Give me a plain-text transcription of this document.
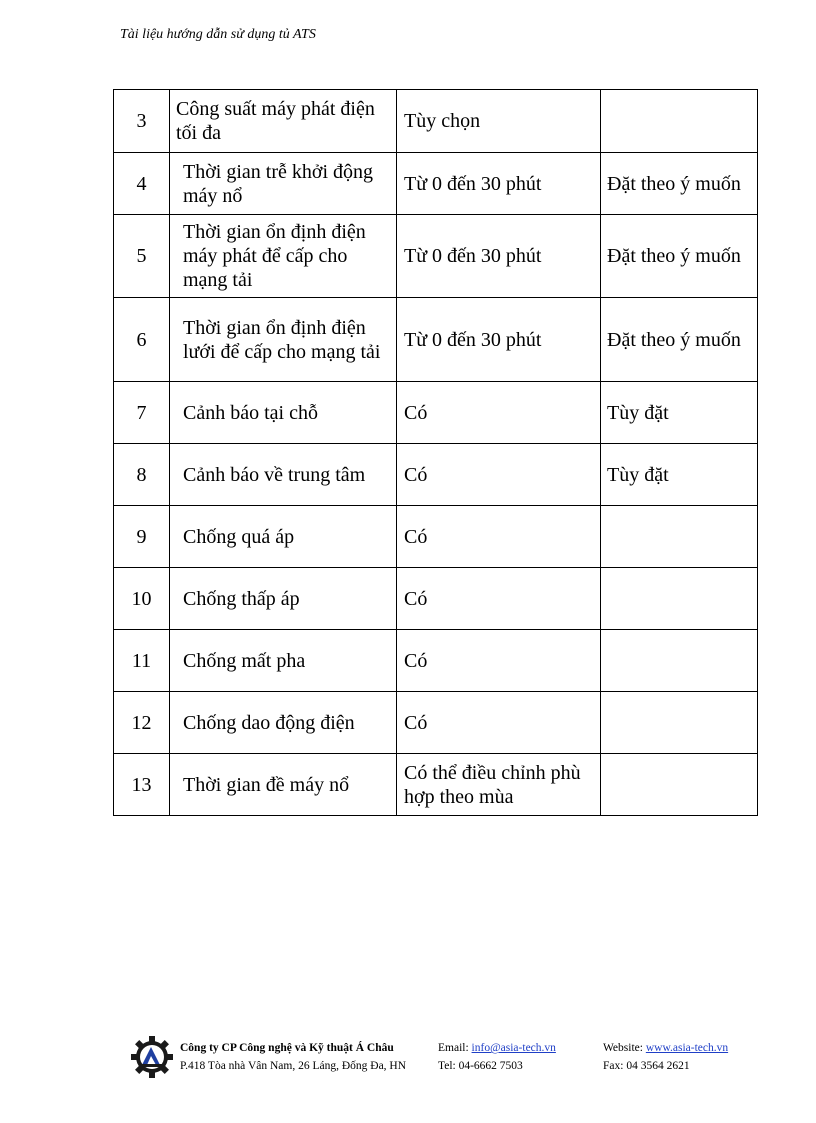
Tài liệu hướng dẫn sử dụng tủ ATS
3	Công suất máy phát điện tối đa	Tùy chọn	
4	Thời gian trễ khởi động máy nổ	Từ 0 đến 30 phút	Đặt theo ý muốn
5	Thời gian ổn định điện máy phát để cấp cho mạng tải	Từ 0 đến 30 phút	Đặt theo ý muốn
6	Thời gian ổn định điện lưới để cấp cho mạng tải	Từ 0 đến 30 phút	Đặt theo ý muốn
7	Cảnh báo tại chỗ	Có	Tùy đặt
8	Cảnh báo về trung tâm	Có	Tùy đặt
9	Chống quá áp	Có	
10	Chống thấp áp	Có	
11	Chống mất pha	Có	
12	Chống dao động điện	Có	
13	Thời gian đề máy nổ	Có thể điều chỉnh phù hợp theo mùa	
Công ty CP Công nghệ và Kỹ thuật Á Châu
P.418 Tòa nhà Vân Nam, 26 Láng, Đống Đa, HN
Email: info@asia-tech.vn
Tel: 04-6662 7503
Website: www.asia-tech.vn
Fax: 04 3564 2621
